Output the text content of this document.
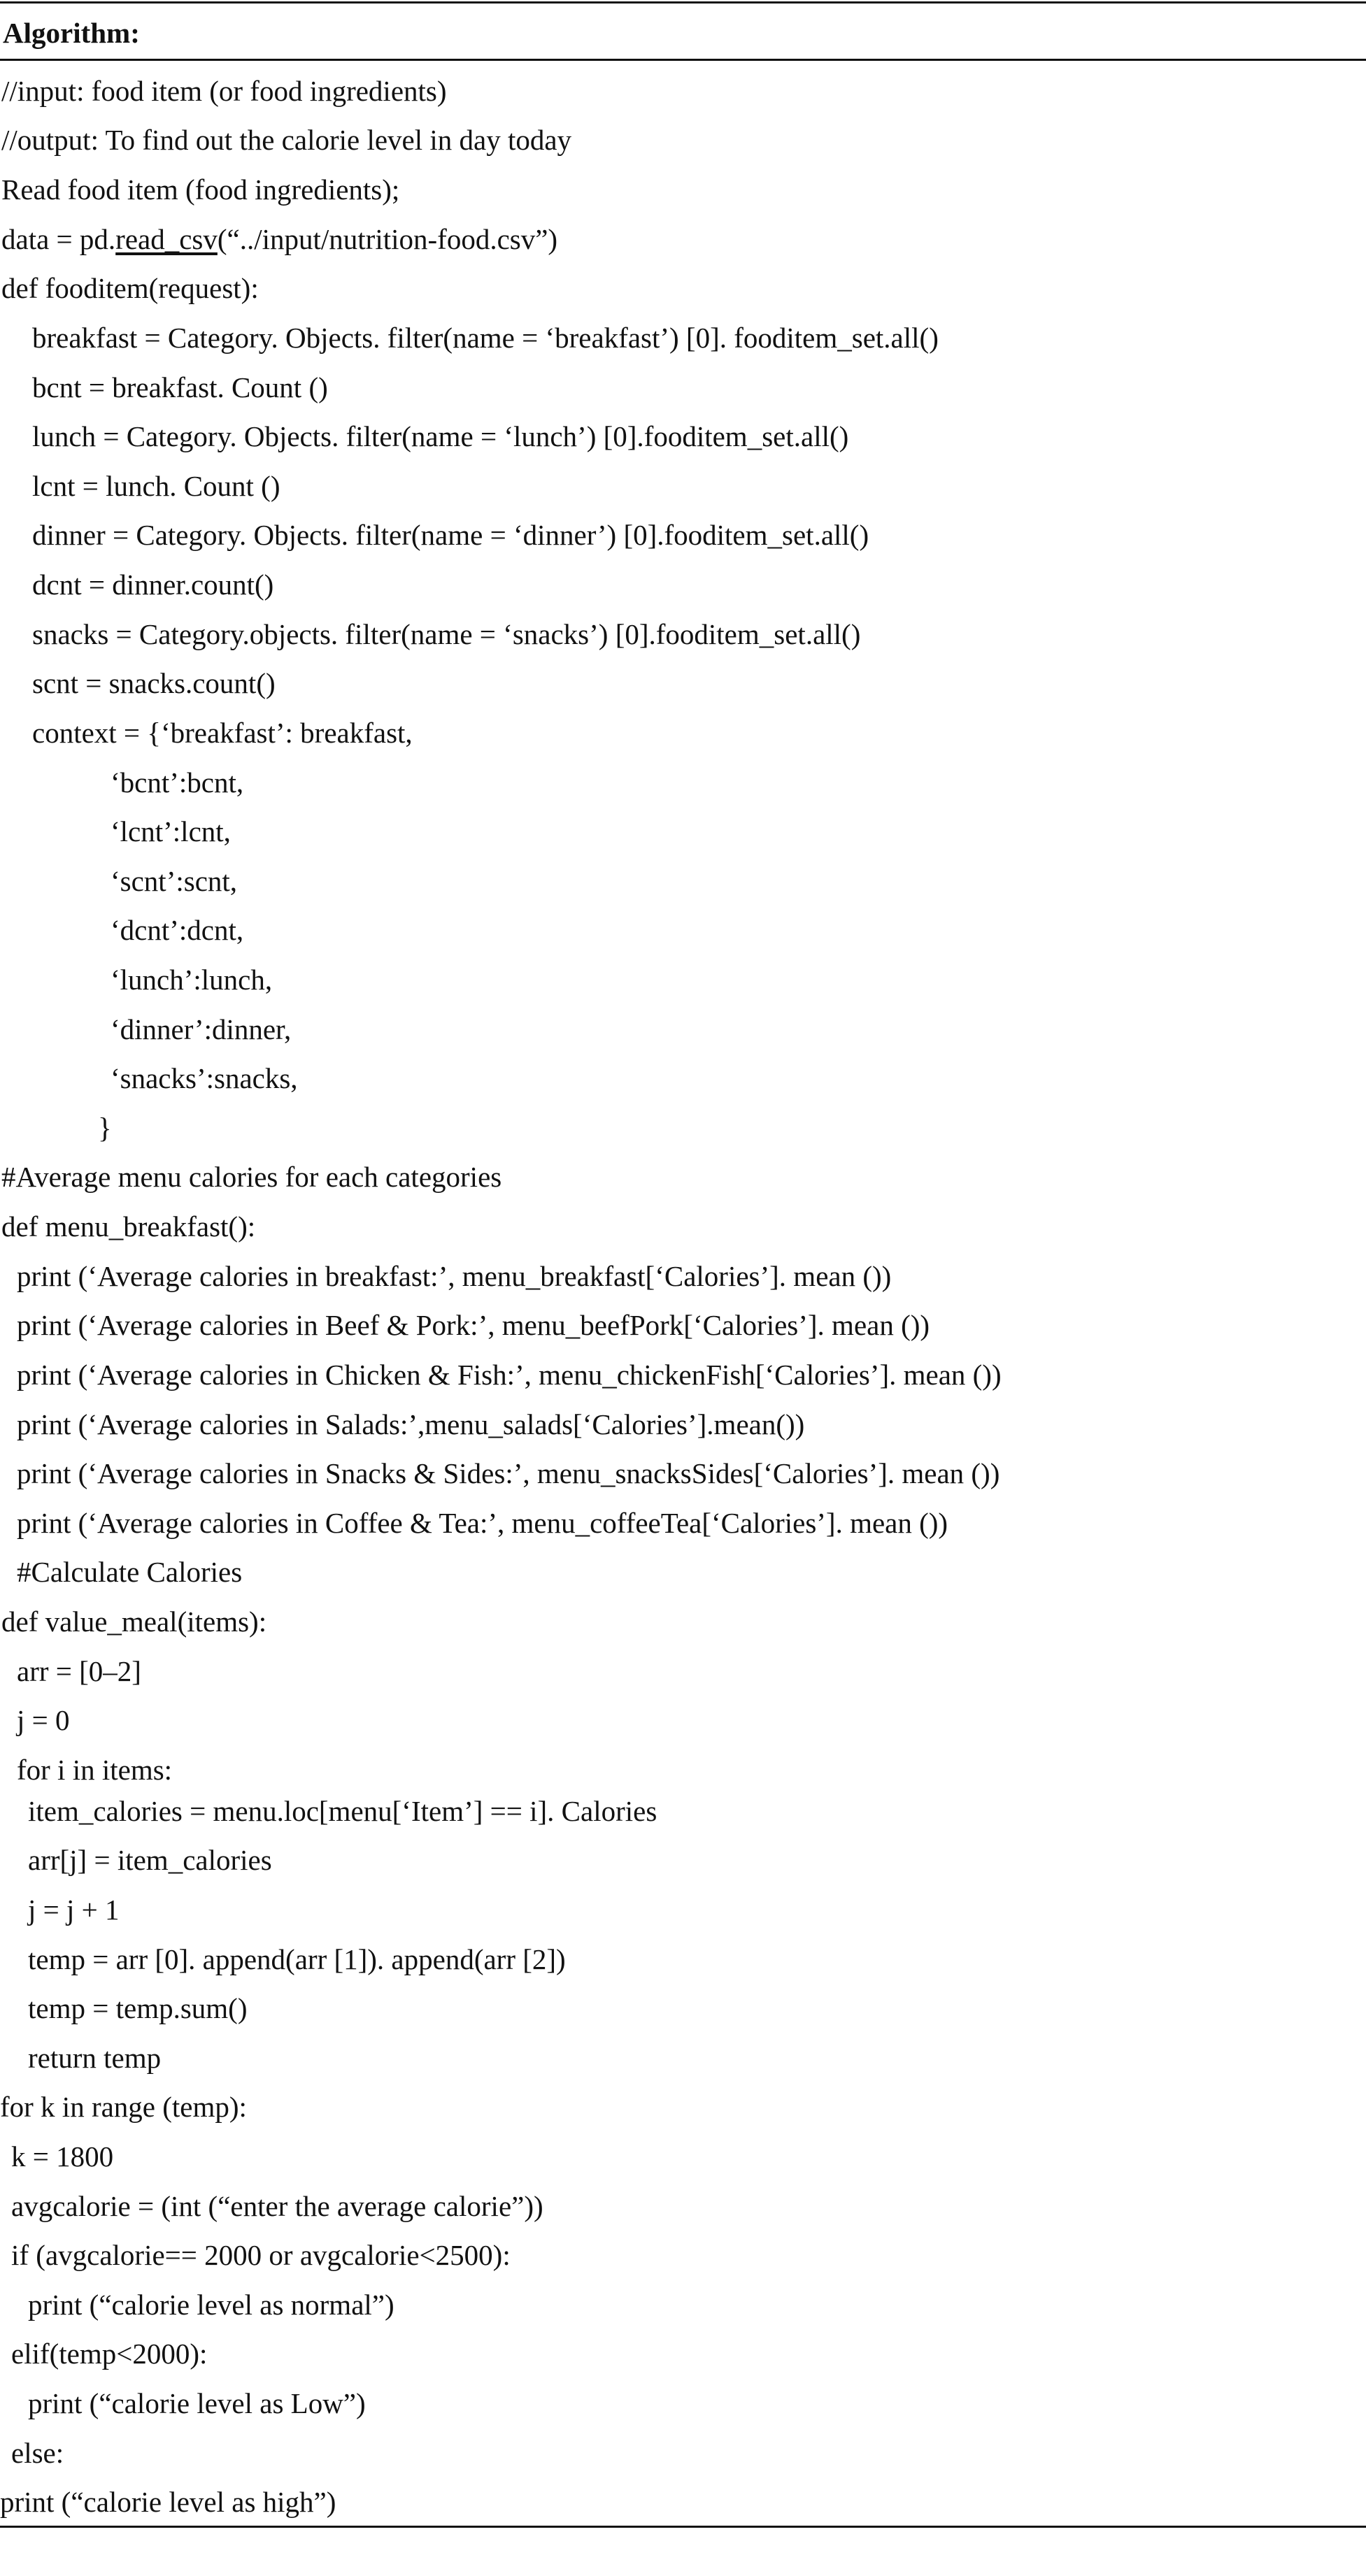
Algorithm:
//input: food item (or food ingredients)
//output: To find out the calorie level in day today
Read food item (food ingredients);
data = pd.read_csv(“../input/nutrition-food.csv”)
def fooditem(request):
breakfast = Category. Objects. filter(name = ‘breakfast’) [0]. fooditem_set.all()
bcnt = breakfast. Count ()
lunch = Category. Objects. filter(name = ‘lunch’) [0].fooditem_set.all()
lcnt = lunch. Count ()
dinner = Category. Objects. filter(name = ‘dinner’) [0].fooditem_set.all()
dcnt = dinner.count()
snacks = Category.objects. filter(name = ‘snacks’) [0].fooditem_set.all()
scnt = snacks.count()
context = {‘breakfast’: breakfast,
‘bcnt’:bcnt,
‘lcnt’:lcnt,
‘scnt’:scnt,
‘dcnt’:dcnt,
‘lunch’:lunch,
‘dinner’:dinner,
‘snacks’:snacks,
}
#Average menu calories for each categories
def menu_breakfast():
print (‘Average calories in breakfast:’, menu_breakfast[‘Calories’]. mean ())
print (‘Average calories in Beef & Pork:’, menu_beefPork[‘Calories’]. mean ())
print (‘Average calories in Chicken & Fish:’, menu_chickenFish[‘Calories’]. mean ())
print (‘Average calories in Salads:’,menu_salads[‘Calories’].mean())
print (‘Average calories in Snacks & Sides:’, menu_snacksSides[‘Calories’]. mean ())
print (‘Average calories in Coffee & Tea:’, menu_coffeeTea[‘Calories’]. mean ())
#Calculate Calories
def value_meal(items):
arr = [0–2]
j = 0
for i in items:
item_calories = menu.loc[menu[‘Item’] == i]. Calories
arr[j] = item_calories
j = j + 1
temp = arr [0]. append(arr [1]). append(arr [2])
temp = temp.sum()
return temp
for k in range (temp):
k = 1800
avgcalorie = (int (“enter the average calorie”))
if (avgcalorie== 2000 or avgcalorie<2500):
print (“calorie level as normal”)
elif(temp<2000):
print (“calorie level as Low”)
else:
print (“calorie level as high”)
